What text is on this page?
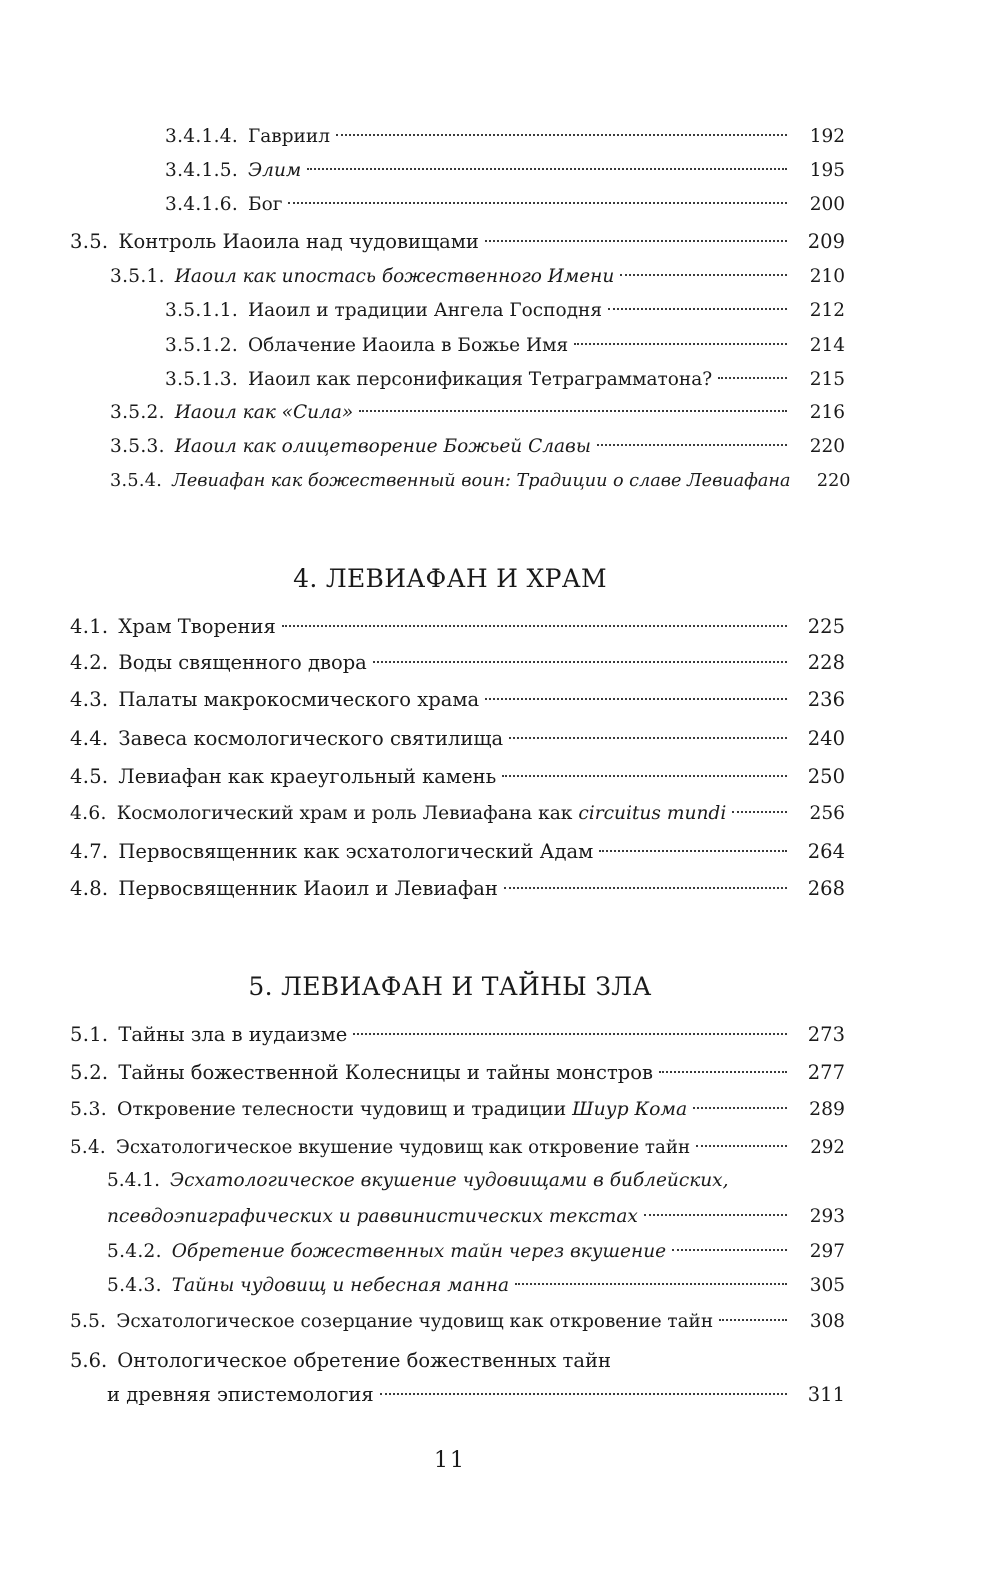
3.4.1.4. Гавриил	192
3.4.1.5. Элим	195
3.4.1.6. Бог	200
3.5. Контроль Иаоила над чудовищами	209
3.5.1. Иаоил как ипостась божественного Имени	210
3.5.1.1. Иаоил и традиции Ангела Господня	212
3.5.1.2. Облачение Иаоила в Божье Имя	214
3.5.1.3. Иаоил как персонификация Тетраграмматона?	215
3.5.2. Иаоил как «Сила»	216
3.5.3. Иаоил как олицетворение Божьей Славы	220
3.5.4. Левиафан как божественный воин: Традиции о славе Левиафана	220
4. ЛЕВИАФАН И ХРАМ
4.1. Храм Творения	225
4.2. Воды священного двора	228
4.3. Палаты макрокосмического храма	236
4.4. Завеса космологического святилища	240
4.5. Левиафан как краеугольный камень	250
4.6. Космологический храм и роль Левиафана как circuitus mundi	256
4.7. Первосвященник как эсхатологический Адам	264
4.8. Первосвященник Иаоил и Левиафан	268
5. ЛЕВИАФАН И ТАЙНЫ ЗЛА
5.1. Тайны зла в иудаизме	273
5.2. Тайны божественной Колесницы и тайны монстров	277
5.3. Откровение телесности чудовищ и традиции Шиур Кома	289
5.4. Эсхатологическое вкушение чудовищ как откровение тайн	292
5.4.1. Эсхатологическое вкушение чудовищами в библейских,
псевдоэпиграфических и раввинистических текстах	293
5.4.2. Обретение божественных тайн через вкушение	297
5.4.3. Тайны чудовищ и небесная манна	305
5.5. Эсхатологическое созерцание чудовищ как откровение тайн	308
5.6. Онтологическое обретение божественных тайн
и древняя эпистемология	311
11
